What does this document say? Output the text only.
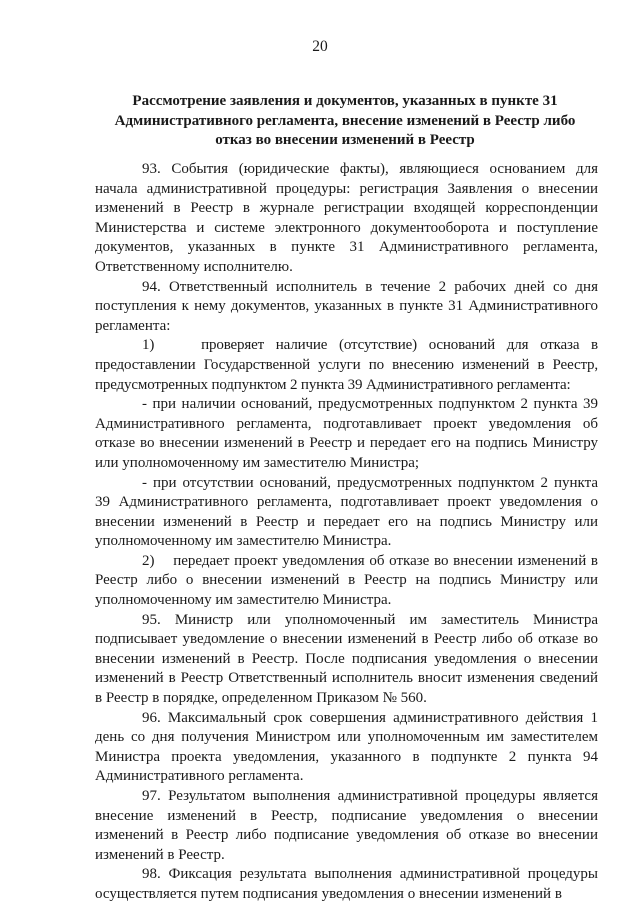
20

Рассмотрение заявления и документов, указанных в пункте 31 Административного регламента, внесение изменений в Реестр либо отказ во внесении изменений в Реестр

93. События (юридические факты), являющиеся основанием для начала административной процедуры: регистрация Заявления о внесении изменений в Реестр в журнале регистрации входящей корреспонденции Министерства и системе электронного документооборота и поступление документов, указанных в пункте 31 Административного регламента, Ответственному исполнителю.

94. Ответственный исполнитель в течение 2 рабочих дней со дня поступления к нему документов, указанных в пункте 31 Административного регламента:

1)    проверяет наличие (отсутствие) оснований для отказа в предоставлении Государственной услуги по внесению изменений в Реестр, предусмотренных подпунктом 2 пункта 39 Административного регламента:

- при наличии оснований, предусмотренных подпунктом 2 пункта 39 Административного регламента, подготавливает проект уведомления об отказе во внесении изменений в Реестр и передает его на подпись Министру или уполномоченному им заместителю Министра;

- при отсутствии оснований, предусмотренных подпунктом 2 пункта 39 Административного регламента, подготавливает проект уведомления о внесении изменений в Реестр и передает его на подпись Министру или уполномоченному им заместителю Министра.

2)    передает проект уведомления об отказе во внесении изменений в Реестр либо о внесении изменений в Реестр на подпись Министру или уполномоченному им заместителю Министра.

95. Министр или уполномоченный им заместитель Министра подписывает уведомление о внесении изменений в Реестр либо об отказе во внесении изменений в Реестр. После подписания уведомления о внесении изменений в Реестр Ответственный исполнитель вносит изменения сведений в Реестр в порядке, определенном Приказом № 560.

96. Максимальный срок совершения административного действия 1 день со дня получения Министром или уполномоченным им заместителем Министра проекта уведомления, указанного в подпункте 2 пункта 94 Административного регламента.

97. Результатом выполнения административной процедуры является внесение изменений в Реестр, подписание уведомления о внесении изменений в Реестр либо подписание уведомления об отказе во внесении изменений в Реестр.

98. Фиксация результата выполнения административной процедуры осуществляется путем подписания уведомления о внесении изменений в
